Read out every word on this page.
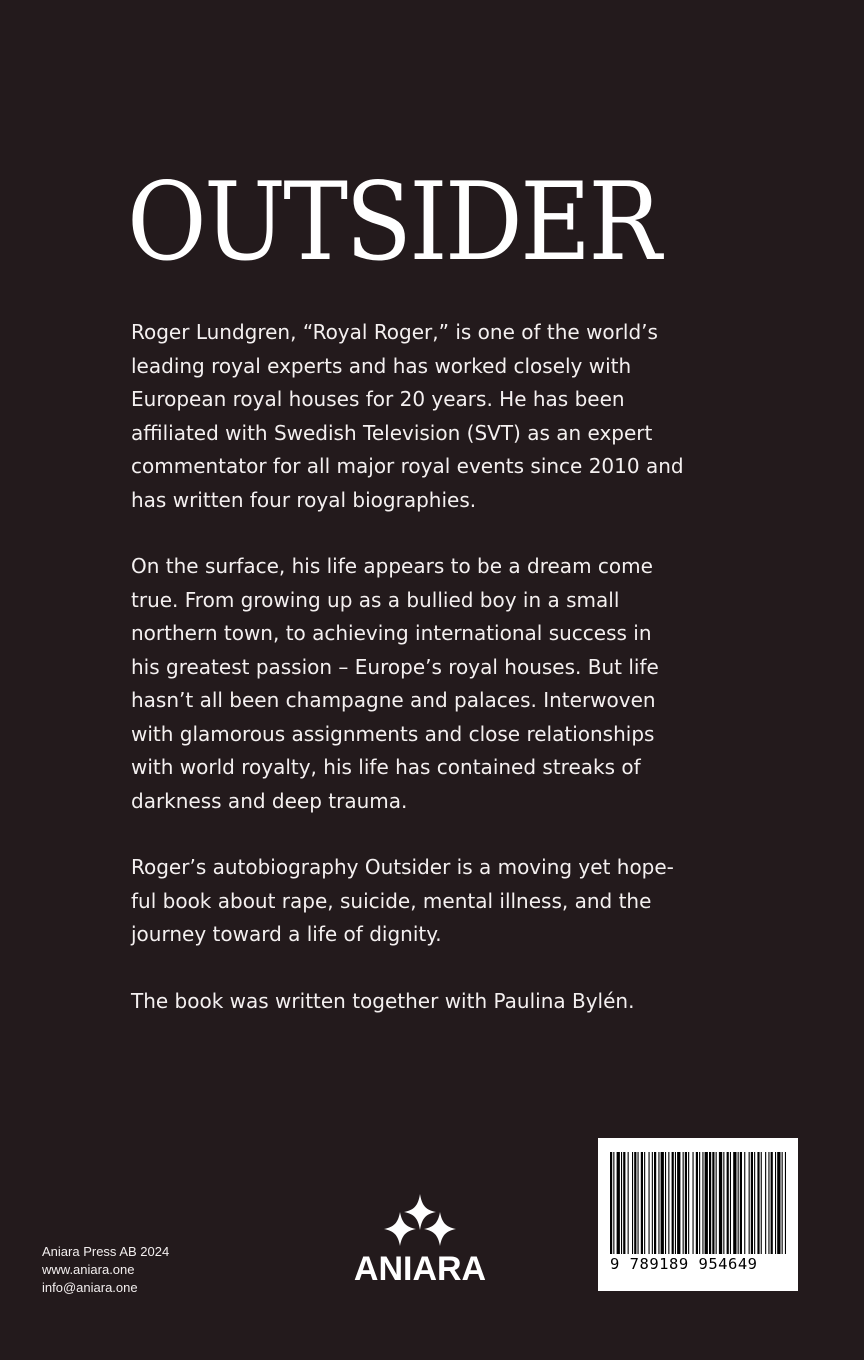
OUTSIDER

Roger Lundgren, “Royal Roger,” is one of the world’s
leading royal experts and has worked closely with
European royal houses for 20 years. He has been
affiliated with Swedish Television (SVT) as an expert
commentator for all major royal events since 2010 and
has written four royal biographies.

On the surface, his life appears to be a dream come
true. From growing up as a bullied boy in a small
northern town, to achieving international success in
his greatest passion – Europe’s royal houses. But life
hasn’t all been champagne and palaces. Interwoven
with glamorous assignments and close relationships
with world royalty, his life has contained streaks of
darkness and deep trauma.

Roger’s autobiography Outsider is a moving yet hope-
ful book about rape, suicide, mental illness, and the
journey toward a life of dignity.

The book was written together with Paulina Bylén.

Aniara Press AB 2024
www.aniara.one
info@aniara.one	ANIARA	9 789189 954649
